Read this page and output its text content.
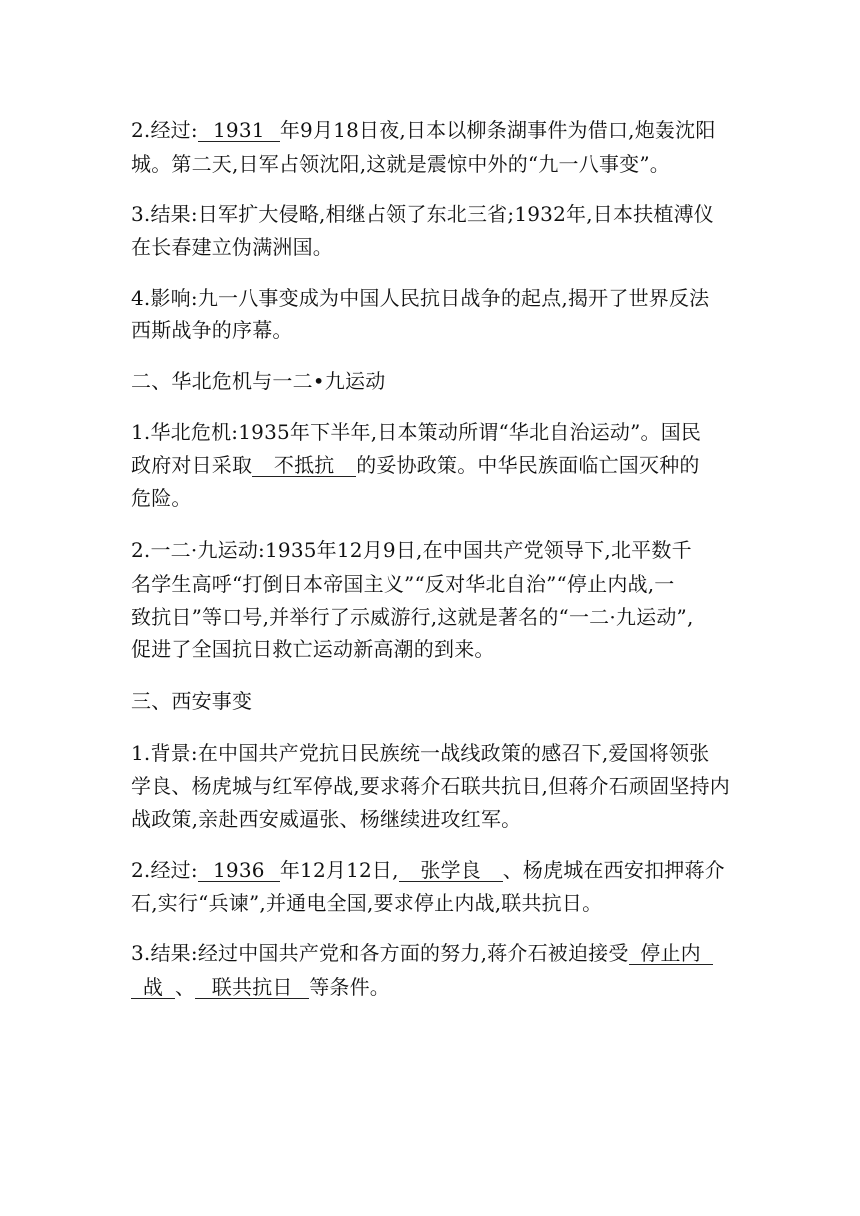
2.经过: 1931 年9月18日夜,日本以柳条湖事件为借口,炮轰沈阳
城。第二天,日军占领沈阳,这就是震惊中外的“九一八事变”。
3.结果:日军扩大侵略,相继占领了东北三省;1932年,日本扶植溥仪
在长春建立伪满洲国。
4.影响:九一八事变成为中国人民抗日战争的起点,揭开了世界反法
西斯战争的序幕。
二、华北危机与一二•九运动
1.华北危机:1935年下半年,日本策动所谓“华北自治运动”。国民
政府对日采取 不抵抗 的妥协政策。中华民族面临亡国灭种的
危险。
2.一二·九运动:1935年12月9日,在中国共产党领导下,北平数千
名学生高呼“打倒日本帝国主义”“反对华北自治”“停止内战,一
致抗日”等口号,并举行了示威游行,这就是著名的“一二·九运动”,
促进了全国抗日救亡运动新高潮的到来。
三、西安事变
1.背景:在中国共产党抗日民族统一战线政策的感召下,爱国将领张
学良、杨虎城与红军停战,要求蒋介石联共抗日,但蒋介石顽固坚持内
战政策,亲赴西安威逼张、杨继续进攻红军。
2.经过: 1936 年12月12日, 张学良 、杨虎城在西安扣押蒋介
石,实行“兵谏”,并通电全国,要求停止内战,联共抗日。
3.结果:经过中国共产党和各方面的努力,蒋介石被迫接受 停止内
战 、 联共抗日 等条件。
